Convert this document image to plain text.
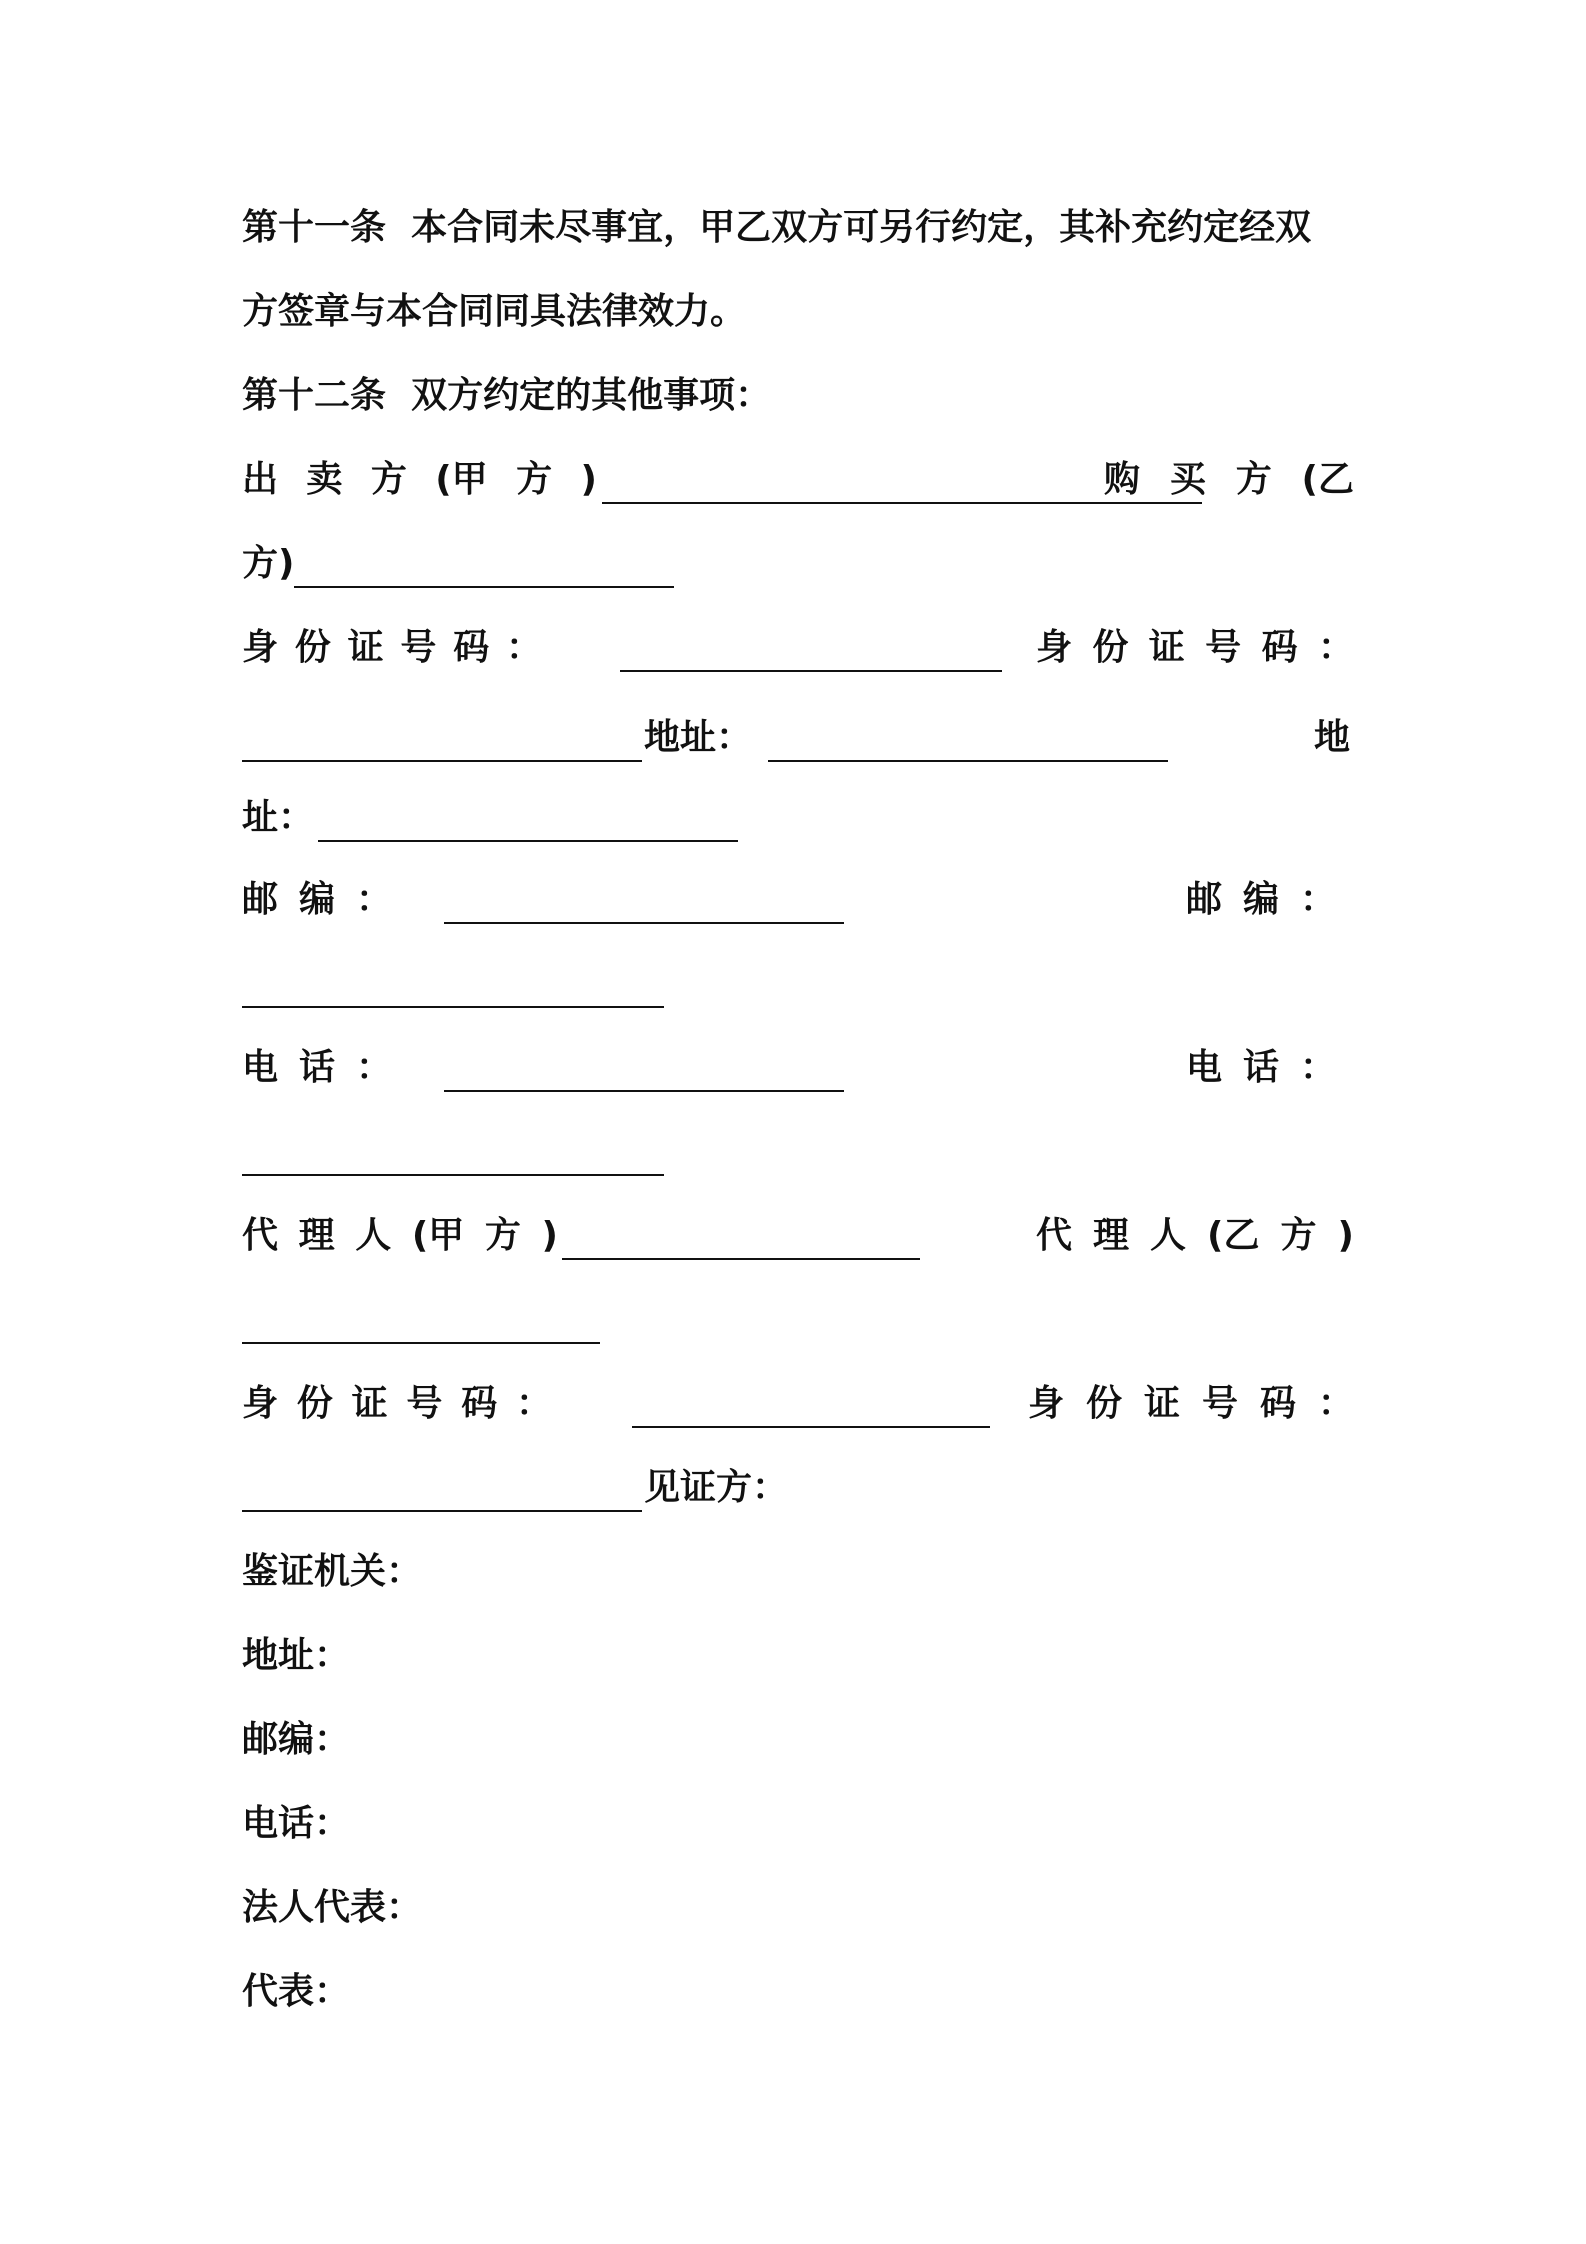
第十一条  本合同未尽事宜，甲乙双方可另行约定，其补充约定经双
方签章与本合同同具法律效力。
第十二条  双方约定的其他事项：

出 卖 方 (甲 方 )

	购 买 方 (乙

方)

身 份 证 号 码 ：

	身 份 证 号 码 ：

地址：

	地

址：

邮 编 ：

	邮 编 ：

电 话 ：

	电 话 ：

代 理 人 (甲 方 )

	代 理 人 (乙 方 )

身 份 证 号 码 ：

	身 份 证 号 码 ：

见证方：

鉴证机关：
地址：
邮编：
电话：
法人代表：
代表：
